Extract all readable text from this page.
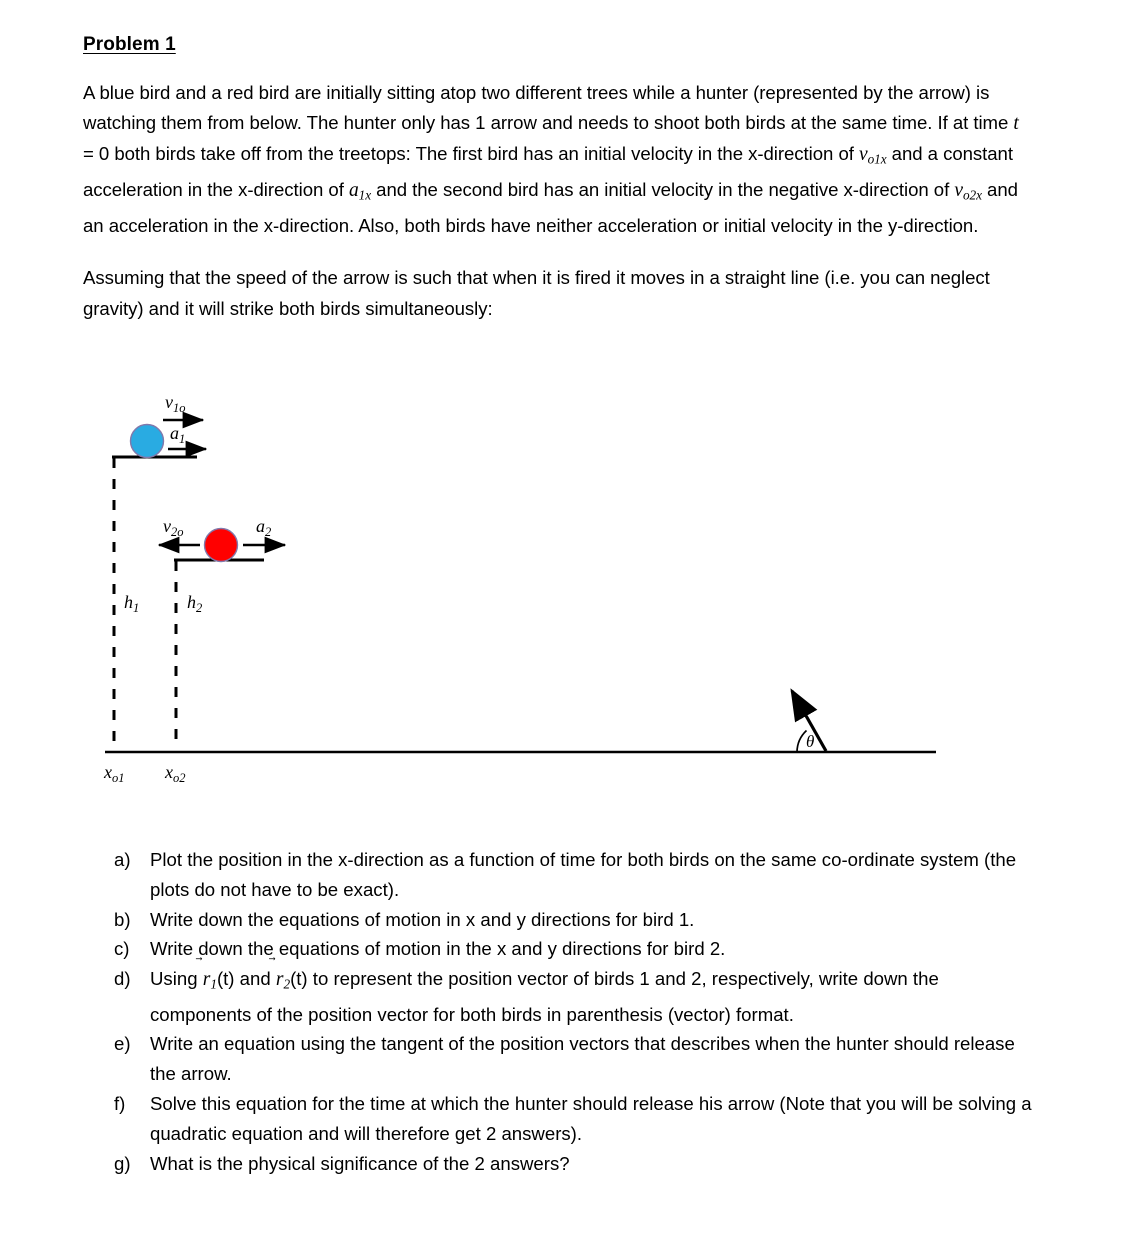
Problem 1

A blue bird and a red bird are initially sitting atop two different trees while a hunter (represented by the arrow) is watching them from below. The hunter only has 1 arrow and needs to shoot both birds at the same time. If at time t = 0 both birds take off from the treetops: The first bird has an initial velocity in the x-direction of $v_{o1x}$ and a constant acceleration in the x-direction of $a_{1x}$ and the second bird has an initial velocity in the negative x-direction of $v_{o2x}$ and an acceleration in the x-direction. Also, both birds have neither acceleration or initial velocity in the y-direction.

Assuming that the speed of the arrow is such that when it is fired it moves in a straight line (i.e. you can neglect gravity) and it will strike both birds simultaneously:

$v_{1o}$
$a_1$
$v_{2o}$	$a_2$
$h_1$	$h_2$
$x_{o1}$ $x_{o2}$
θ
a)	Plot the position in the x-direction as a function of time for both birds on the same co-ordinate system (the plots do not have to be exact).
b)	Write down the equations of motion in x and y directions for bird 1.
c)	Write down the equations of motion in the x and y directions for bird 2.
d)	Using
$r_1(t)$ and
$r_2(t)$ to represent the position vector of birds 1 and 2, respectively, write down the components of the position vector for both birds in parenthesis (vector) format.
e)	Write an equation using the tangent of the position vectors that describes when the hunter should release the arrow.
f)	Solve this equation for the time at which the hunter should release his arrow (Note that you will be solving a quadratic equation and will therefore get 2 answers).
g)	What is the physical significance of the 2 answers?
